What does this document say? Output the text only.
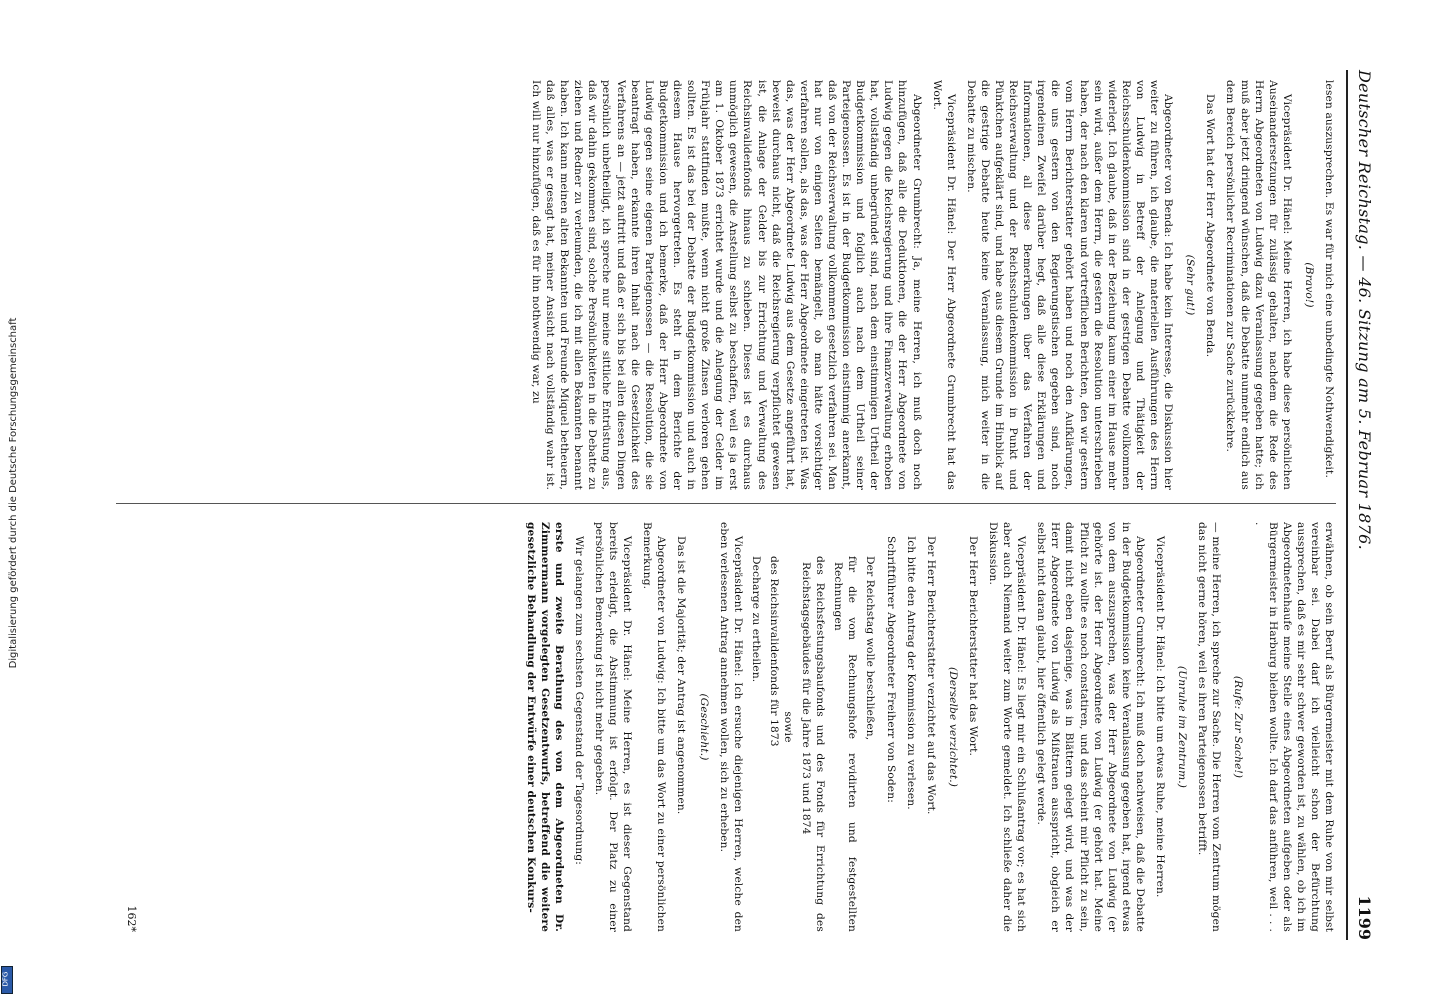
Digitalisierung gefördert durch die Deutsche Forschungsgemeinschaft
DFG
Deutscher Reichstag. — 46. Sitzung am 5. Februar 1876.
1199

lesen auszusprechen. Es war für mich eine unbedingte Nothwendigkeit.

(Bravo!)

Vicepräsident Dr. Hänel: Meine Herren, ich habe diese persönlichen Auseinandersetzungen für zulässig gehalten, nachdem die Rede des Herrn Abgeordneten von Ludwig dazu Veranlassung gegeben hatte; ich muß aber jetzt dringend wünschen, daß die Debatte nunmehr endlich aus dem Bereich persönlicher Recriminationen zur Sache zurückkehre.

Das Wort hat der Herr Abgeordnete von Benda.

(Sehr gut!)

Abgeordneter von Benda: Ich habe kein Interesse, die Diskussion hier weiter zu führen, ich glaube, die materiellen Ausführungen des Herrn von Ludwig in Betreff der Anlegung und Thätigkeit der Reichsschuldenkommission sind in der gestrigen Debatte vollkommen widerlegt. Ich glaube, daß in der Beziehung kaum einer im Hause mehr sein wird, außer dem Herrn, die gestern die Resolution unterschrieben haben, der nach den klaren und vortrefflichen Berichten, den wir gestern vom Herrn Berichterstatter gehört haben und noch den Aufklärungen, die uns gestern von den Regierungstischen gegeben sind, noch irgendeinen Zweifel darüber hegt, daß alle diese Erklärungen und Informationen, all diese Bemerkungen über das Verfahren der Reichsverwaltung und der Reichsschuldenkommission in Punkt und Pünktchen aufgeklärt sind, und habe aus diesem Grunde im Hinblick auf die gestrige Debatte heute keine Veranlassung, mich weiter in die Debatte zu mischen.

Vicepräsident Dr. Hänel: Der Herr Abgeordnete Grumbrecht hat das Wort.

Abgeordneter Grumbrecht: Ja, meine Herren, ich muß doch noch hinzufügen, daß alle die Deduktionen, die der Herr Abgeordnete von Ludwig gegen die Reichsregierung und ihre Finanzverwaltung erhoben hat, vollständig unbegründet sind, nach dem einstimmigen Urtheil der Budgetkommission und folglich auch nach dem Urtheil seiner Parteigenossen. Es ist in der Budgetkommission einstimmig anerkannt, daß von der Reichsverwaltung vollkommen gesetzlich verfahren sei. Man hat nur von einigen Seiten bemängelt, ob man hätte vorsichtiger verfahren sollen, als das, was der Herr Abgeordnete eingetreten ist. Was das, was der Herr Abgeordnete Ludwig aus dem Gesetze angeführt hat, beweist durchaus nicht, daß die Reichsregierung verpflichtet gewesen ist, die Anlage der Gelder bis zur Errichtung und Verwaltung des Reichsinvalidenfonds hinaus zu schieben. Dieses ist es durchaus unmöglich gewesen, die Anstellung selbst zu beschaffen, weil es ja erst am 1. Oktober 1873 errichtet wurde und die Anlegung der Gelder im Frühjahr stattfinden mußte, wenn nicht große Zinsen verloren gehen sollten. Es ist das bei der Debatte der Budgetkommission und auch in diesem Hause hervorgetreten. Es steht in dem Berichte der Budgetkommission und ich bemerke, daß der Herr Abgeordnete von Ludwig gegen seine eigenen Parteigenossen — die Resolution, die sie beantragt haben, erkannte ihren Inhalt nach die Gesetzlichkeit des Verfahrens an — jetzt auftritt und daß er sich bis bei allen diesen Dingen persönlich unbetheiligt, ich spreche nur meine sittliche Entrüstung aus, daß wir dahin gekommen sind, solche Persönlichkeiten in die Debatte zu ziehen und Redner zu verleumden, die ich mit allen Bekannten benannt haben. Ich kann meinen alten Bekannten und Freunde Miquel betheuern, daß alles, was er gesagt hat, meiner Ansicht nach vollständig wahr ist. Ich will nur hinzufügen, daß es für ihn nothwendig war, zu

erwähnen, ob sein Beruf als Bürgermeister mit dem Ruhe von mir selbst vereinbar sei. Dabei darf ich vielleicht schon der Befürchtung aussprechen, daß es mir sehr schwer geworden ist, zu wählen, ob ich im Abgeordnetenhaufe meine Stelle eines Abgeordneten aufgeben oder als Bürgermeister in Harburg bleiben wollte. Ich darf das anführen, weil . . . .

(Rufe: Zur Sache!)

— meine Herren, ich spreche zur Sache. Die Herren vom Zentrum mögen das nicht gerne hören, weil es ihren Parteigenossen betrifft.

(Unruhe im Zentrum.)

Vicepräsident Dr. Hänel: Ich bitte um etwas Ruhe, meine Herren.

Abgeordneter Grumbrecht: Ich muß doch nachweisen, daß die Debatte in der Budgetkommission keine Veranlassung gegeben hat, irgend etwas von dem auszusprechen, was der Herr Abgeordnete von Ludwig (er gehörte ist. der Herr Abgeordnete von Ludwig (er gehört hat. Meine Pflicht zu wollte es noch constatiren, und das scheint mir Pflicht zu sein, damit nicht eben dasjenige, was in Blättern gelegt wird, und was der Herr Abgeordnete von Ludwig als Mißtrauen ausspricht, obgleich er selbst nicht daran glaubt, hier öffentlich gelegt werde.

Vicepräsident Dr. Hänel: Es liegt mir ein Schlußantrag vor; es hat sich aber auch Niemand weiter zum Worte gemeldet. Ich schließe daher die Diskussion.

Der Herr Berichterstatter hat das Wort.

(Derselbe verzichtet.)

Der Herr Berichterstatter verzichtet auf das Wort.

Ich bitte den Antrag der Kommission zu verlesen.

Schriftführer Abgeordneter Freiherr von Soden:

Der Reichstag wolle beschließen,

für die vom Rechnungshofe revidirten und festgestellten Rechnungen

des Reichsfestungsbaufonds und des Fonds für Errichtung des Reichstagsgebäudes für die Jahre 1873 und 1874

sowie

des Reichsinvalidenfonds für 1873

Decharge zu ertheilen.

Vicepräsident Dr. Hänel: Ich ersuche diejenigen Herren, welche den eben verlesenen Antrag annehmen wollen, sich zu erheben.

(Geschieht.)

Das ist die Majorität; der Antrag ist angenommen.

Abgeordneter von Ludwig: Ich bitte um das Wort zu einer persönlichen Bemerkung.

Vicepräsident Dr. Hänel: Meine Herren, es ist dieser Gegenstand bereits erledigt, die Abstimmung ist erfolgt. Der Platz zu einer persönlichen Bemerkung ist nicht mehr gegeben.

Wir gelangen zum sechsten Gegenstand der Tagesordnung:

erste und zweite Berathung des von dem Abgeordneten Dr. Zimmermann vorgelegten Gesetzentwurfs, betreffend die weitere gesetzliche Behandlung der Entwürfe einer deutschen Konkurs-

162*
